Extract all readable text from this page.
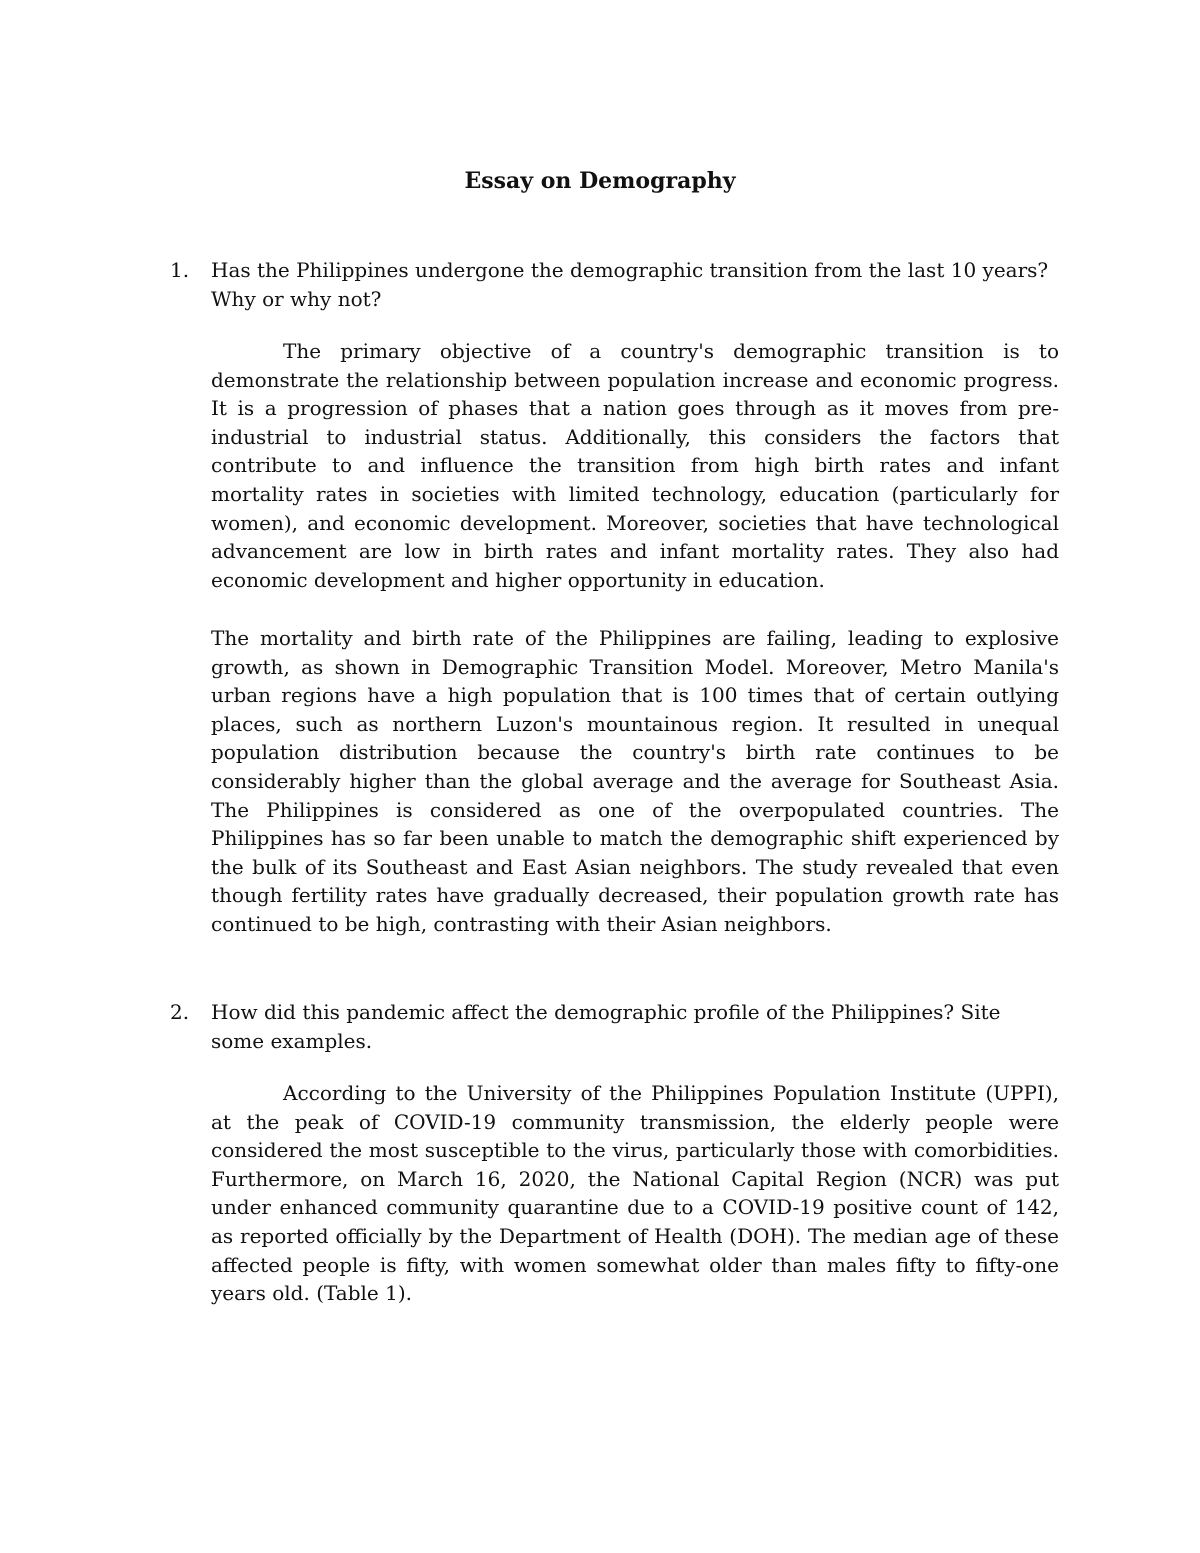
Essay on Demography
1.	Has the Philippines undergone the demographic transition from the last 10 years? Why or why not?

The primary objective of a country's demographic transition is to demonstrate the relationship between population increase and economic progress. It is a progression of phases that a nation goes through as it moves from pre-industrial to industrial status. Additionally, this considers the factors that contribute to and influence the transition from high birth rates and infant mortality rates in societies with limited technology, education (particularly for women), and economic development. Moreover, societies that have technological advancement are low in birth rates and infant mortality rates. They also had economic development and higher opportunity in education.

The mortality and birth rate of the Philippines are failing, leading to explosive growth, as shown in Demographic Transition Model. Moreover, Metro Manila's urban regions have a high population that is 100 times that of certain outlying places, such as northern Luzon's mountainous region. It resulted in unequal population distribution because the country's birth rate continues to be considerably higher than the global average and the average for Southeast Asia. The Philippines is considered as one of the overpopulated countries. The Philippines has so far been unable to match the demographic shift experienced by the bulk of its Southeast and East Asian neighbors. The study revealed that even though fertility rates have gradually decreased, their population growth rate has continued to be high, contrasting with their Asian neighbors.

2.	How did this pandemic affect the demographic profile of the Philippines? Site some examples.

According to the University of the Philippines Population Institute (UPPI), at the peak of COVID-19 community transmission, the elderly people were considered the most susceptible to the virus, particularly those with comorbidities. Furthermore, on March 16, 2020, the National Capital Region (NCR) was put under enhanced community quarantine due to a COVID-19 positive count of 142, as reported officially by the Department of Health (DOH). The median age of these affected people is fifty, with women somewhat older than males fifty to fifty-one years old. (Table 1).
